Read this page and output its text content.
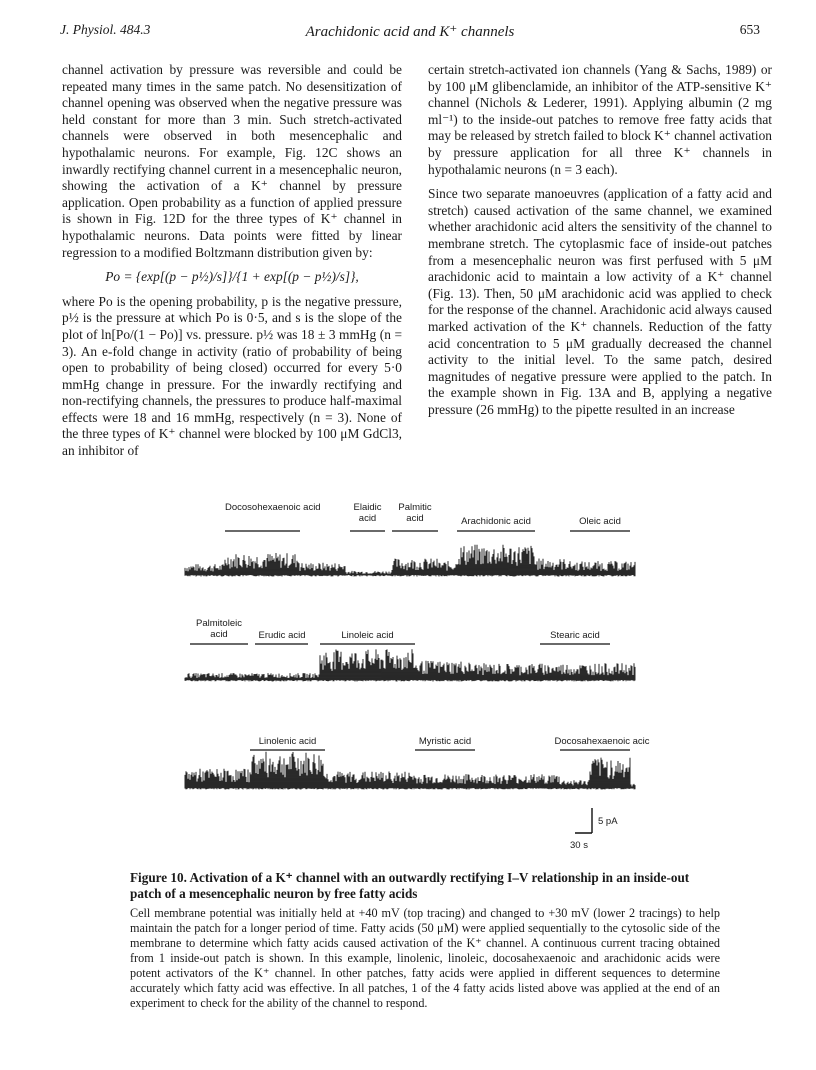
J. Physiol. 484.3	Arachidonic acid and K⁺ channels	653

channel activation by pressure was reversible and could be repeated many times in the same patch. No desensitization of channel opening was observed when the negative pressure was held constant for more than 3 min. Such stretch-activated channels were observed in both mesencephalic and hypothalamic neurons. For example, Fig. 12C shows an inwardly rectifying channel current in a mesencephalic neuron, showing the activation of a K⁺ channel by pressure application. Open probability as a function of applied pressure is shown in Fig. 12D for the three types of K⁺ channel in hypothalamic neurons. Data points were fitted by linear regression to a modified Boltzmann distribution given by:

Po = {exp[(p − p½)/s]}/{1 + exp[(p − p½)/s]},

where Po is the opening probability, p is the negative pressure, p½ is the pressure at which Po is 0·5, and s is the slope of the plot of ln[Po/(1 − Po)] vs. pressure. p½ was 18 ± 3 mmHg (n = 3). An e-fold change in activity (ratio of probability of being open to probability of being closed) occurred for every 5·0 mmHg change in pressure. For the inwardly rectifying and non-rectifying channels, the pressures to produce half-maximal effects were 18 and 16 mmHg, respectively (n = 3). None of the three types of K⁺ channel were blocked by 100 μM GdCl3, an inhibitor of

certain stretch-activated ion channels (Yang & Sachs, 1989) or by 100 μM glibenclamide, an inhibitor of the ATP-sensitive K⁺ channel (Nichols & Lederer, 1991). Applying albumin (2 mg ml⁻¹) to the inside-out patches to remove free fatty acids that may be released by stretch failed to block K⁺ channel activation by pressure application for all three K⁺ channels in hypothalamic neurons (n = 3 each).

Since two separate manoeuvres (application of a fatty acid and stretch) caused activation of the same channel, we examined whether arachidonic acid alters the sensitivity of the channel to membrane stretch. The cytoplasmic face of inside-out patches from a mesencephalic neuron was first perfused with 5 μM arachidonic acid to maintain a low activity of a K⁺ channel (Fig. 13). Then, 50 μM arachidonic acid was applied to check for the response of the channel. Arachidonic acid always caused marked activation of the K⁺ channels. Reduction of the fatty acid concentration to 5 μM gradually decreased the channel activity to the initial level. To the same patch, desired magnitudes of negative pressure were applied to the patch. In the example shown in Fig. 13A and B, applying a negative pressure (26 mmHg) to the pipette resulted in an increase

Docosohexaenoic acid	Elaidic acid
Palmitic acid	Arachidonic acid	Oleic acid
Palmitoleic acid	Erudic acid	Linoleic acid	Stearic acid
Linolenic acid	Myristic acid	Docosahexaenoic acic
5 pA
30 s
Figure 10. Activation of a K⁺ channel with an outwardly rectifying I–V relationship in an inside-out patch of a mesencephalic neuron by free fatty acids
Cell membrane potential was initially held at +40 mV (top tracing) and changed to +30 mV (lower 2 tracings) to help maintain the patch for a longer period of time. Fatty acids (50 μM) were applied sequentially to the cytosolic side of the membrane to determine which fatty acids caused activation of the K⁺ channel. A continuous current tracing obtained from 1 inside-out patch is shown. In this example, linolenic, linoleic, docosahexaenoic and arachidonic acids were potent activators of the K⁺ channel. In other patches, fatty acids were applied in different sequences to determine accurately which fatty acid was effective. In all patches, 1 of the 4 fatty acids listed above was applied at the end of an experiment to check for the ability of the channel to respond.
